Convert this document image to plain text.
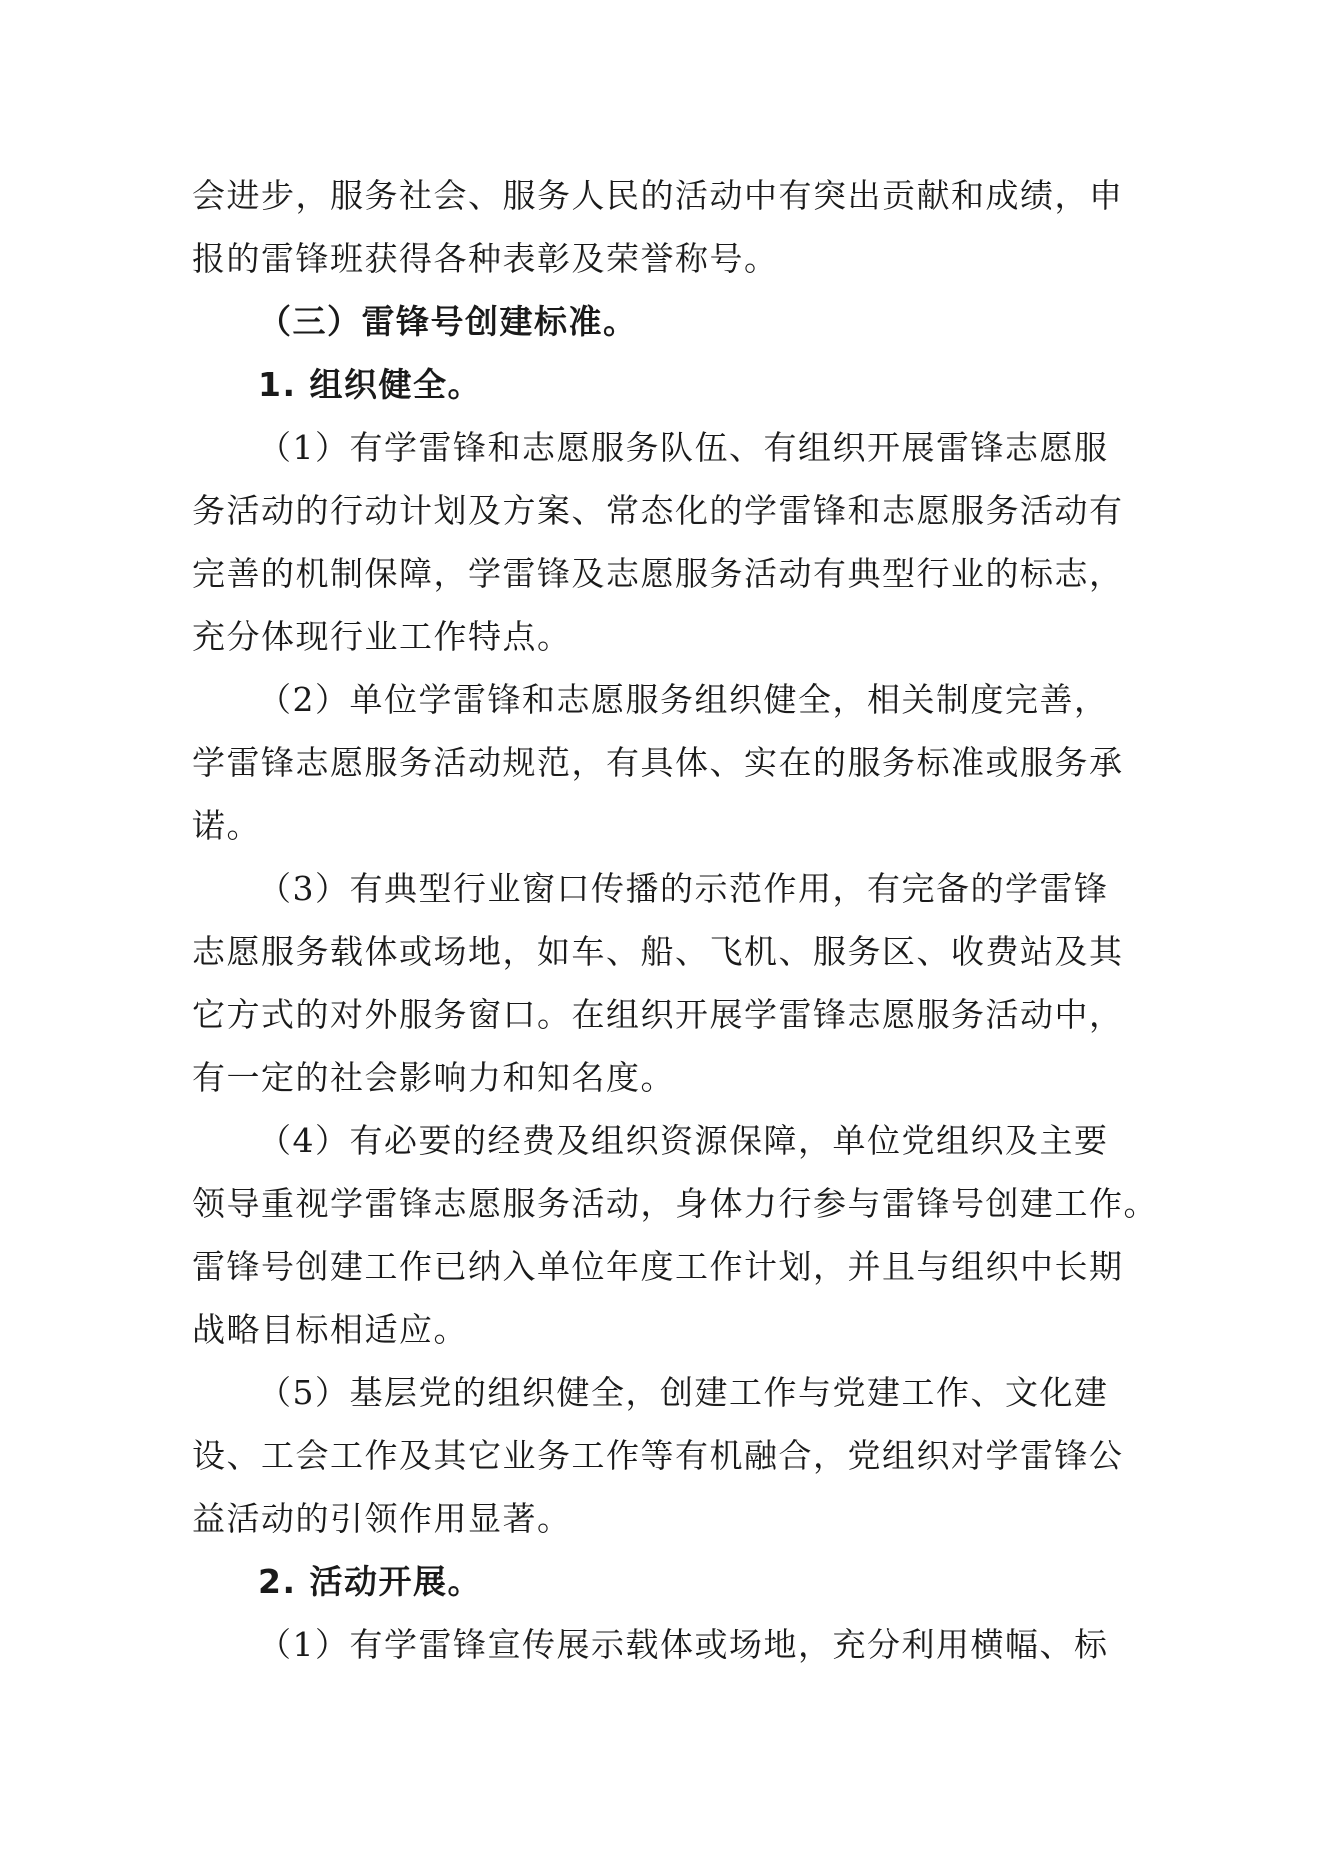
会进步，服务社会、服务人民的活动中有突出贡献和成绩，申
报的雷锋班获得各种表彰及荣誉称号。
（三）雷锋号创建标准。
1. 组织健全。
（1）有学雷锋和志愿服务队伍、有组织开展雷锋志愿服
务活动的行动计划及方案、常态化的学雷锋和志愿服务活动有
完善的机制保障，学雷锋及志愿服务活动有典型行业的标志，
充分体现行业工作特点。
（2）单位学雷锋和志愿服务组织健全，相关制度完善，
学雷锋志愿服务活动规范，有具体、实在的服务标准或服务承
诺。
（3）有典型行业窗口传播的示范作用，有完备的学雷锋
志愿服务载体或场地，如车、船、飞机、服务区、收费站及其
它方式的对外服务窗口。在组织开展学雷锋志愿服务活动中，
有一定的社会影响力和知名度。
（4）有必要的经费及组织资源保障，单位党组织及主要
领导重视学雷锋志愿服务活动，身体力行参与雷锋号创建工作。
雷锋号创建工作已纳入单位年度工作计划，并且与组织中长期
战略目标相适应。
（5）基层党的组织健全，创建工作与党建工作、文化建
设、工会工作及其它业务工作等有机融合，党组织对学雷锋公
益活动的引领作用显著。
2. 活动开展。
（1）有学雷锋宣传展示载体或场地，充分利用横幅、标
